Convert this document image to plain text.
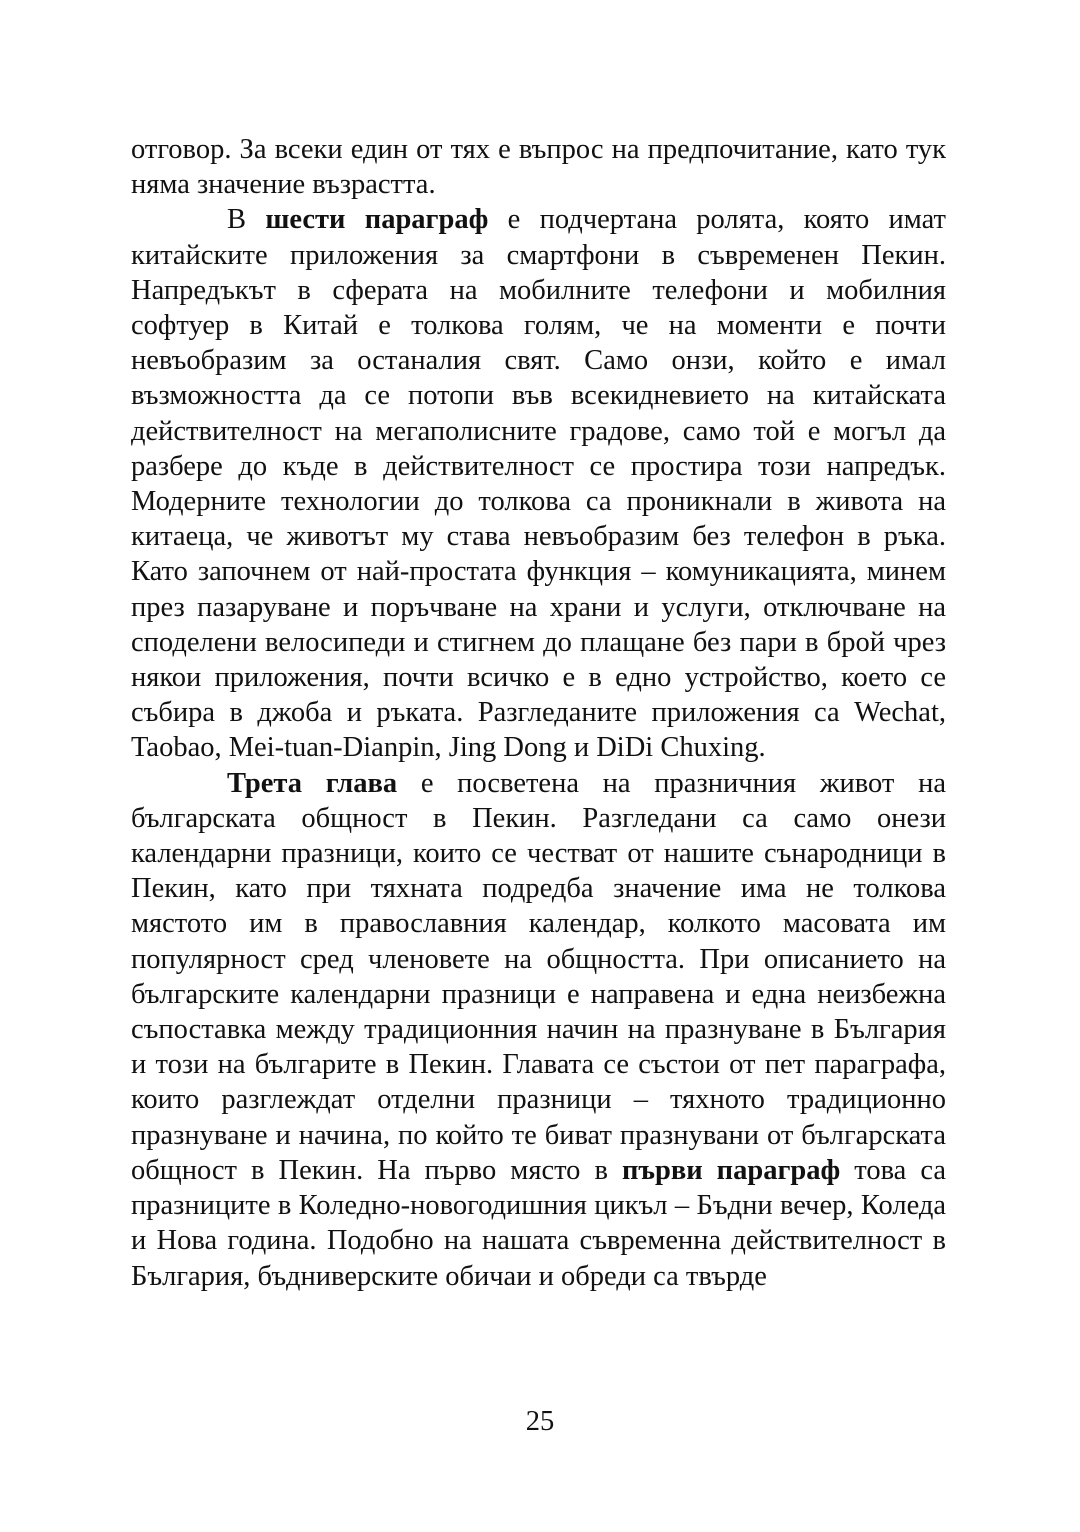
отговор. За всеки един от тях е въпрос на предпочитание, като тук няма значение възрастта.

В шести параграф е подчертана ролята, която имат китайските приложения за смартфони в съвременен Пекин. Напредъкът в сферата на мобилните телефони и мобилния софтуер в Китай е толкова голям, че на моменти е почти невъобразим за останалия свят. Само онзи, който е имал възможността да се потопи във всекидневието на китайската действителност на мегаполисните градове, само той е могъл да разбере до къде в действителност се простира този напредък. Модерните технологии до толкова са проникнали в живота на китаеца, че животът му става невъобразим без телефон в ръка. Като започнем от най-простата функция – комуникацията, минем през пазаруване и поръчване на храни и услуги, отключване на споделени велосипеди и стигнем до плащане без пари в брой чрез някои приложения, почти всичко е в едно устройство, което се събира в джоба и ръката. Разгледаните приложения са Wechat, Taobao, Mei-tuan-Dianpin, Jing Dong и DiDi Chuxing.

Трета глава е посветена на празничния живот на българската общност в Пекин. Разгледани са само онези календарни празници, които се честват от нашите сънародници в Пекин, като при тяхната подредба значение има не толкова мястото им в православния календар, колкото масовата им популярност сред членовете на общността. При описанието на българските календарни празници е направена и една неизбежна съпоставка между традиционния начин на празнуване в България и този на българите в Пекин. Главата се състои от пет параграфа, които разглеждат отделни празници – тяхното традиционно празнуване и начина, по който те биват празнувани от българската общност в Пекин. На първо място в първи параграф това са празниците в Коледно-новогодишния цикъл – Бъдни вечер, Коледа и Нова година. Подобно на нашата съвременна действителност в България, бъдниверските обичаи и обреди са твърде

25
